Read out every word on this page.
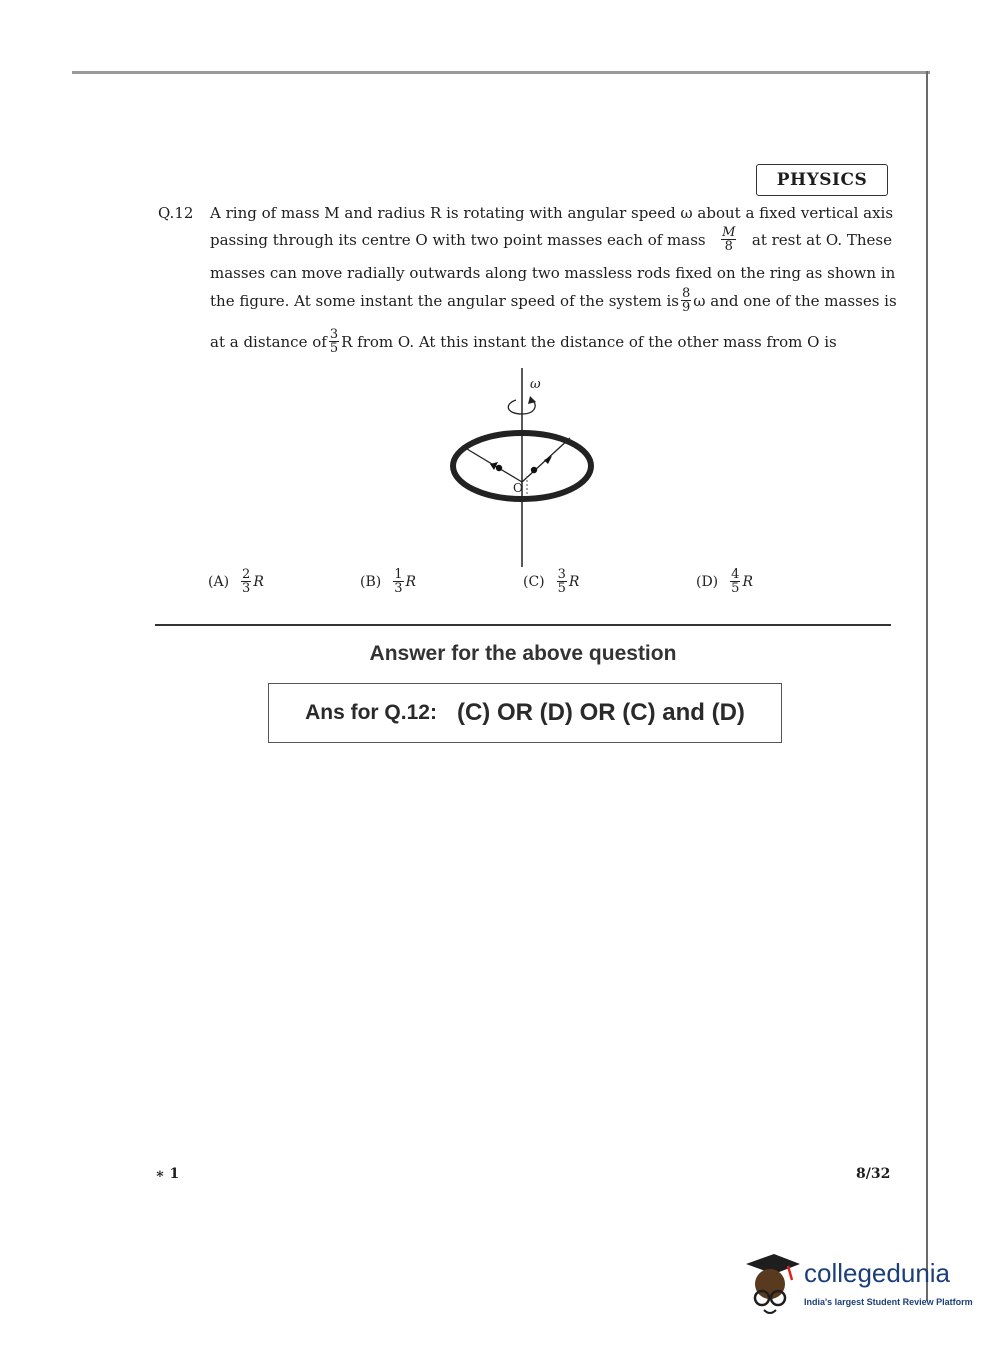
PHYSICS
Q.12 A ring of mass M and radius R is rotating with angular speed ω about a fixed vertical axis
passing through its centre O with two point masses each of mass $\frac{M}{8}$ at rest at O. These
masses can move radially outwards along two massless rods fixed on the ring as shown in
the figure. At some instant the angular speed of the system is $\frac{8}{9}$ ω and one of the masses is
at a distance of $\frac{3}{5}$ R from O. At this instant the distance of the other mass from O is
ω
O
$(A) \frac{2}{3}$ R	$(B) \frac{1}{3}$ R	$(C) \frac{3}{5}$ R	$(D) \frac{4}{5}$ R
Answer for the above question
Ans for Q.12: (C) OR (D) OR (C) and (D)
∗ 1	8/32
collegedunia
India's largest Student Review Platform
